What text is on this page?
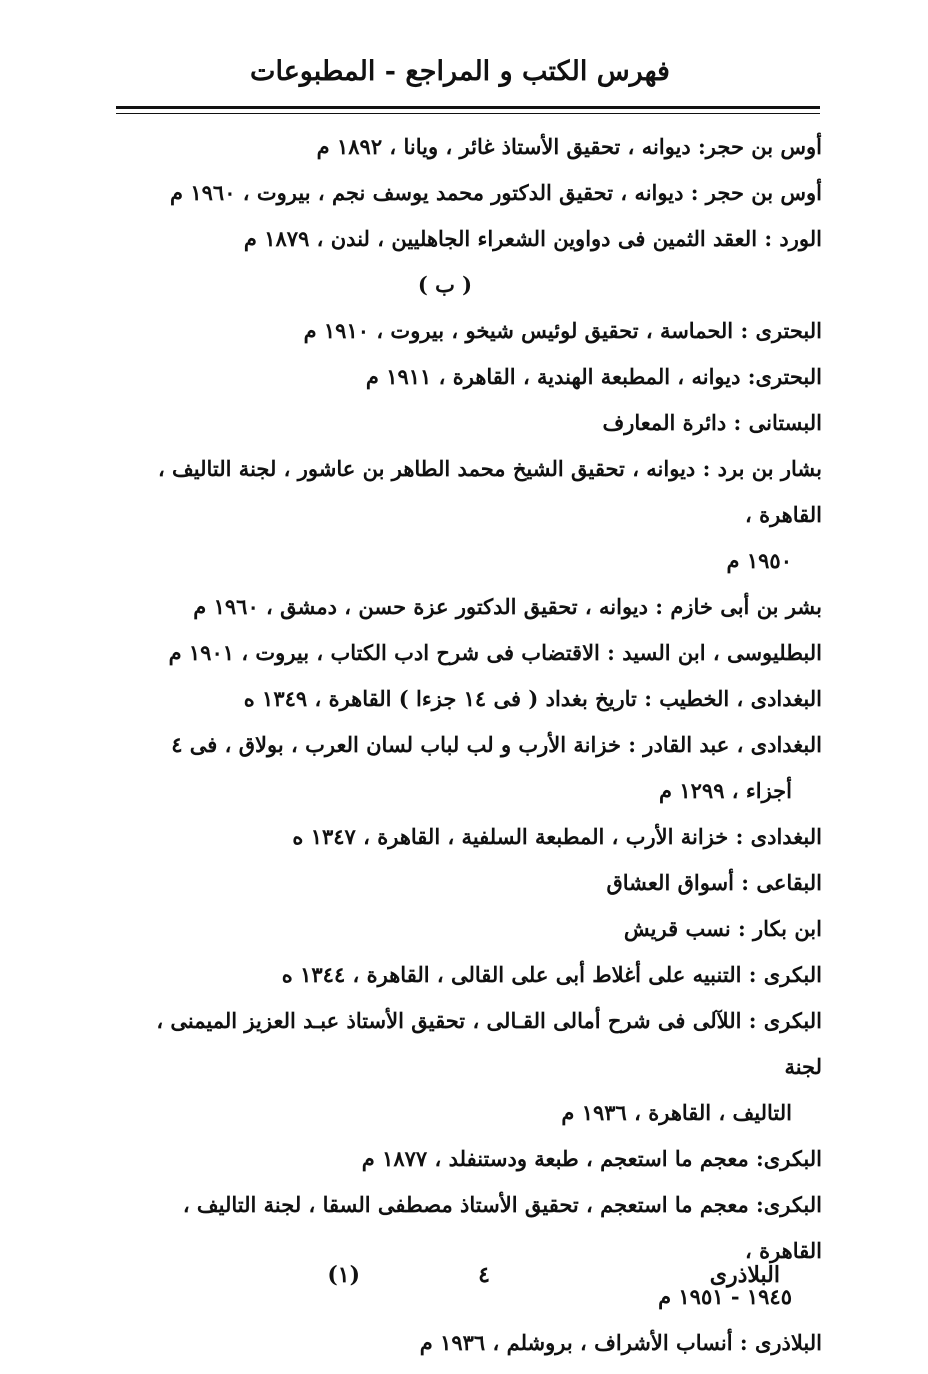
فهرس الكتب و المراجع - المطبوعات

أوس بن حجر: ديوانه ، تحقيق الأستاذ غائر ، ويانا ، ١٨٩٢ م

أوس بن حجر : ديوانه ، تحقيق الدكتور محمد يوسف نجم ، بيروت ، ١٩٦٠ م

الورد : العقد الثمين فى دواوين الشعراء الجاهليين ، لندن ، ١٨٧٩ م

( ب )

البحترى : الحماسة ، تحقيق لوئيس شيخو ، بيروت ، ١٩١٠ م

البحترى: ديوانه ، المطبعة الهندية ، القاهرة ، ١٩١١ م

البستانى : دائرة المعارف

بشار بن برد : ديوانه ، تحقيق الشيخ محمد الطاهر بن عاشور ، لجنة التاليف ، القاهرة ،

١٩٥٠ م

بشر بن أبى خازم : ديوانه ، تحقيق الدكتور عزة حسن ، دمشق ، ١٩٦٠ م

البطليوسى ، ابن السيد : الاقتضاب فى شرح ادب الكتاب ، بيروت ، ١٩٠١ م

البغدادى ، الخطيب : تاريخ بغداد ( فى ١٤ جزءا ) القاهرة ، ١٣٤٩ ه

البغدادى ، عبد القادر : خزانة الأرب و لب لباب لسان العرب ، بولاق ، فى ٤

أجزاء ، ١٢٩٩ م

البغدادى : خزانة الأرب ، المطبعة السلفية ، القاهرة ، ١٣٤٧ ه

البقاعى : أسواق العشاق

ابن بكار : نسب قريش

البكرى : التنبيه على أغلاط أبى على القالى ، القاهرة ، ١٣٤٤ ه

البكرى : اللآلى فى شرح أمالى القـالى ، تحقيق الأستاذ عبـد العزيز الميمنى ، لجنة

التاليف ، القاهرة ، ١٩٣٦ م

البكرى: معجم ما استعجم ، طبعة ودستنفلد ، ١٨٧٧ م

البكرى: معجم ما استعجم ، تحقيق الأستاذ مصطفى السقا ، لجنة التاليف ، القاهرة ،

١٩٤٥ - ١٩٥١ م

البلاذرى : أنساب الأشراف ، بروشلم ، ١٩٣٦ م

البلاذرى
٤
(١)
